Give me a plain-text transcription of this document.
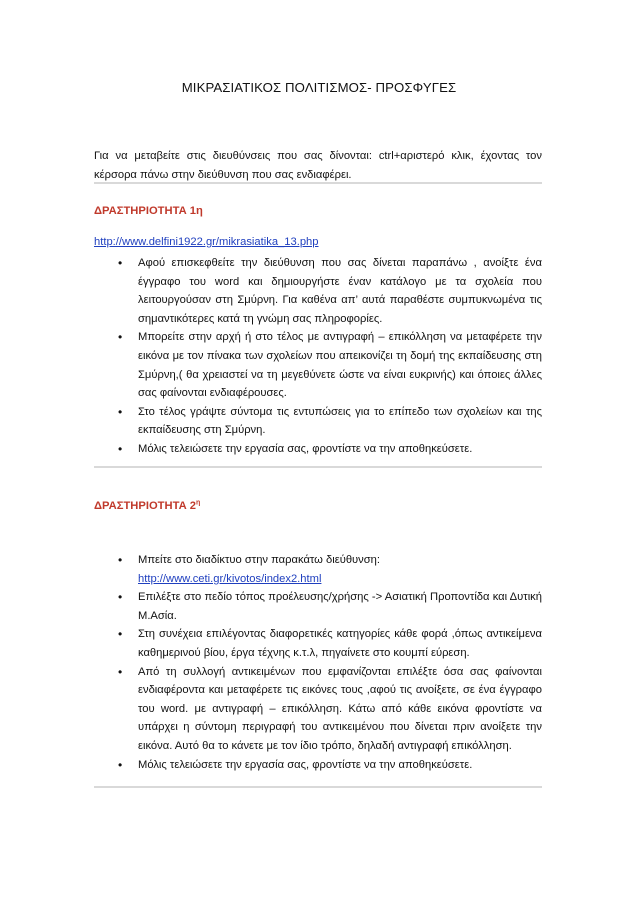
ΜΙΚΡΑΣΙΑΤΙΚΟΣ ΠΟΛΙΤΙΣΜΟΣ- ΠΡΟΣΦΥΓΕΣ
Για να μεταβείτε στις διευθύνσεις που σας δίνονται: ctrl+αριστερό κλικ, έχοντας τον κέρσορα πάνω στην διεύθυνση που σας ενδιαφέρει.
ΔΡΑΣΤΗΡΙΟΤΗΤΑ 1η
http://www.delfini1922.gr/mikrasiatika_13.php
• Αφού επισκεφθείτε την διεύθυνση που σας δίνεται παραπάνω , ανοίξτε ένα έγγραφο του word και δημιουργήστε έναν κατάλογο με τα σχολεία που λειτουργούσαν στη Σμύρνη. Για καθένα απ’ αυτά παραθέστε συμπυκνωμένα τις σημαντικότερες κατά τη γνώμη σας πληροφορίες.
• Μπορείτε στην αρχή ή στο τέλος με αντιγραφή – επικόλληση να μεταφέρετε την εικόνα με τον πίνακα των σχολείων που απεικονίζει τη δομή της εκπαίδευσης στη Σμύρνη,( θα χρειαστεί να τη μεγεθύνετε ώστε να είναι ευκρινής) και όποιες άλλες σας φαίνονται ενδιαφέρουσες.
• Στο τέλος γράψτε σύντομα τις εντυπώσεις για το επίπεδο των σχολείων και της εκπαίδευσης στη Σμύρνη.
• Μόλις τελειώσετε την εργασία σας, φροντίστε να την αποθηκεύσετε.
ΔΡΑΣΤΗΡΙΟΤΗΤΑ $2^\eta$
• Μπείτε στο διαδίκτυο στην παρακάτω διεύθυνση:
http://www.ceti.gr/kivotos/index2.html
• Επιλέξτε στο πεδίο τόπος προέλευσης/χρήσης -> Ασιατική Προποντίδα και Δυτική Μ.Ασία.
• Στη συνέχεια επιλέγοντας διαφορετικές κατηγορίες κάθε φορά ,όπως αντικείμενα καθημερινού βίου, έργα τέχνης κ.τ.λ, πηγαίνετε στο κουμπί εύρεση.
• Από τη συλλογή αντικειμένων που εμφανίζονται επιλέξτε όσα σας φαίνονται ενδιαφέροντα και μεταφέρετε τις εικόνες τους ,αφού τις ανοίξετε, σε ένα έγγραφο του word. με αντιγραφή – επικόλληση. Κάτω από κάθε εικόνα φροντίστε να υπάρχει η σύντομη περιγραφή του αντικειμένου που δίνεται πριν ανοίξετε την εικόνα. Αυτό θα το κάνετε με τον ίδιο τρόπο, δηλαδή αντιγραφή επικόλληση.
• Μόλις τελειώσετε την εργασία σας, φροντίστε να την αποθηκεύσετε.
